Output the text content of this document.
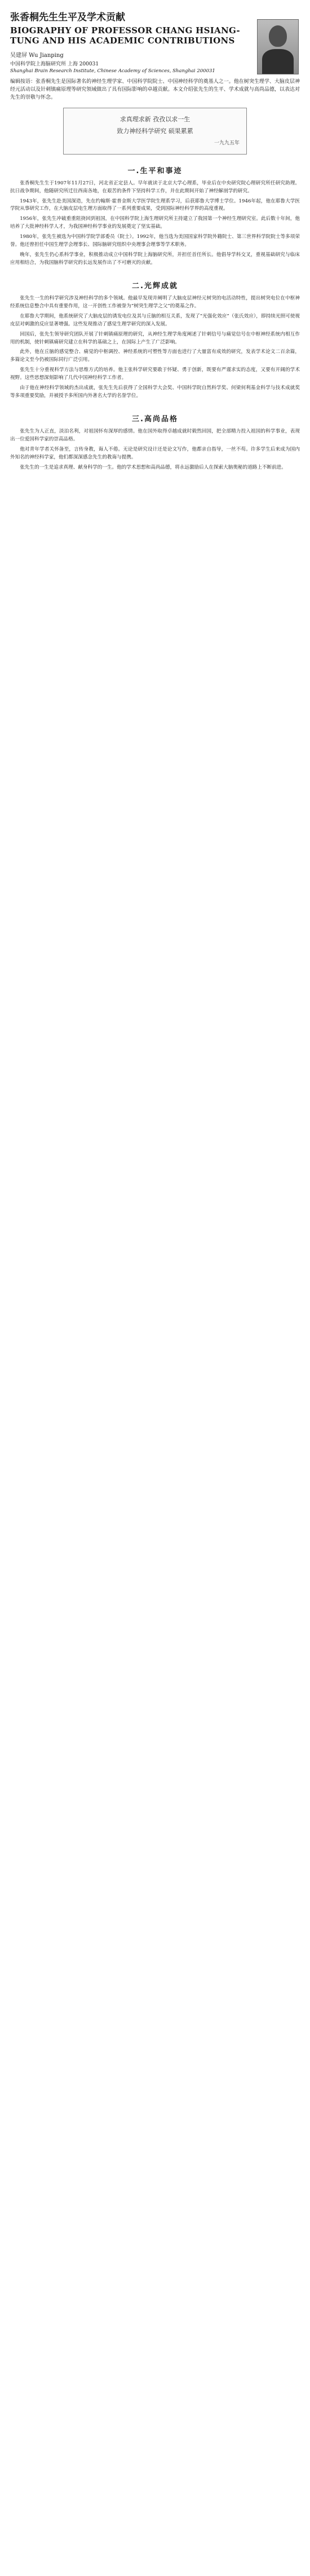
张香桐先生生平及学术贡献
BIOGRAPHY OF PROFESSOR CHANG HSIANG-TUNG AND HIS ACADEMIC CONTRIBUTIONS
吴建屏 Wu Jianping
中国科学院上海脑研究所 上海 200031
Shanghai Brain Research Institute, Chinese Academy of Sciences, Shanghai 200031

编辑按语：张香桐先生是国际著名的神经生理学家、中国科学院院士、中国神经科学的奠基人之一。他在树突生理学、大脑皮层神经元活动以及针刺镇痛原理等研究领域做出了具有国际影响的卓越贡献。本文介绍张先生的生平、学术成就与高尚品德，以表达对先生的崇敬与怀念。

求真理求新 孜孜以求一生
致力神经科学研究 硕果累累
一九九五年
一.生平和事迹

张香桐先生生于1907年11月27日，河北省正定县人。早年就读于北京大学心理系，毕业后在中央研究院心理研究所任研究助理。抗日战争期间，他随研究所迁往西南各地，在艰苦的条件下坚持科学工作，并在此期间开始了神经解剖学的研究。

1943年，张先生赴美国深造，先在约翰斯·霍普金斯大学医学院生理系学习，后获耶鲁大学博士学位。1946年起，他在耶鲁大学医学院从事研究工作，在大脑皮层电生理方面取得了一系列重要成果，受到国际神经科学界的高度重视。

1956年，张先生冲破重重阻挠回到祖国，在中国科学院上海生理研究所主持建立了我国第一个神经生理研究室。此后数十年间，他培养了大批神经科学人才，为我国神经科学事业的发展奠定了坚实基础。

1980年，张先生被选为中国科学院学部委员（院士）。1992年，他当选为美国国家科学院外籍院士、第三世界科学院院士等多项荣誉。他还曾担任中国生理学会理事长、国际脑研究组织中央理事会理事等学术职务。

晚年，张先生仍心系科学事业，积极推动成立中国科学院上海脑研究所，并担任首任所长。他倡导学科交叉，重视基础研究与临床应用相结合，为我国脑科学研究的长远发展作出了不可磨灭的贡献。

二.光辉成就

张先生一生的科学研究涉及神经科学的多个领域。他最早发现并阐明了大脑皮层神经元树突的电活动特性，提出树突电位在中枢神经系统信息整合中具有重要作用，这一开创性工作被誉为“树突生理学之父”的奠基之作。

在耶鲁大学期间，他系统研究了大脑皮层的诱发电位及其与丘脑的相互关系，发现了“光强化效应”（张氏效应），即持续光照可使视皮层对刺激的反应显著增强。这些发现推动了感觉生理学研究的深入发展。

回国后，张先生领导研究团队开展了针刺镇痛原理的研究，从神经生理学角度阐述了针刺信号与痛觉信号在中枢神经系统内相互作用的机制，使针刺镇痛研究建立在科学的基础之上，在国际上产生了广泛影响。

此外，他在丘脑的感觉整合、痛觉的中枢调控、神经系统的可塑性等方面也进行了大量富有成效的研究，发表学术论文二百余篇，多篇论文至今仍被国际同行广泛引用。

张先生十分重视科学方法与思维方式的培养。他主张科学研究要敢于怀疑、勇于创新，既要有严谨求实的态度，又要有开阔的学术视野。这些思想深刻影响了几代中国神经科学工作者。

由于他在神经科学领域的杰出成就，张先生先后获得了全国科学大会奖、中国科学院自然科学奖、何梁何利基金科学与技术成就奖等多项重要奖励，并被授予多所国内外著名大学的名誉学位。

三.高尚品格

张先生为人正直，淡泊名利，对祖国怀有深厚的感情。他在国外取得卓越成就时毅然回国，把全部精力投入祖国的科学事业，表现出一位爱国科学家的崇高品格。

他对青年学者关怀备至，言传身教，诲人不倦。无论是研究设计还是论文写作，他都亲自指导，一丝不苟。许多学生后来成为国内外知名的神经科学家，他们都深深感念先生的教诲与提携。

张先生的一生是追求真理、献身科学的一生。他的学术思想和高尚品德，将永远激励后人在探索大脑奥秘的道路上不断前进。
